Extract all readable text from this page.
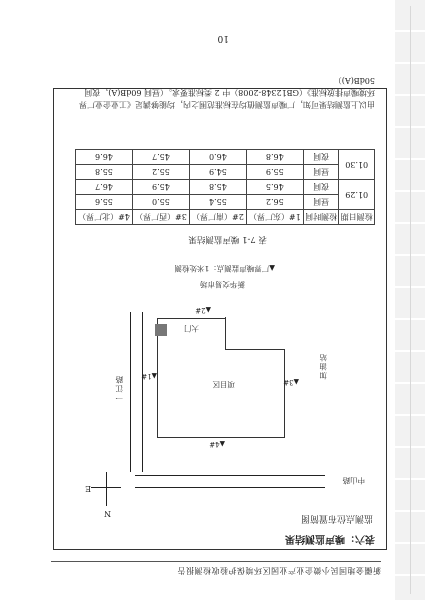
新疆金地国民小微企业产业园区环境保护验收检测报告
表六：噪声监测结果
监测点位布置简图
N
E
中山路
一江路	加油站
项目区
大门
▲1#
▲2#
▲3#
▲4#
新华交易市场
▲厂界噪声监测点：1米处检测
表 7-1 噪声监测结果
检测日期	检测时间	1#（东厂界）	2#（南厂界）	3#（西厂界）	4#（北厂界）
01.29	昼间	56.2	55.4	55.0	55.6
	夜间	46.5	45.8	45.9	46.7
01.30	昼间	55.9	54.9	55.2	55.8
	夜间	46.8	46.0	45.7	46.6
由以上监测结果可知，厂噪声监测值均在标准范围之内，均能够满足《工业企业厂界环境噪声排放标准》（GB12348-2008）中 2 类标准要求。（昼间 60dB(A)，夜间 50dB(A)）
10
